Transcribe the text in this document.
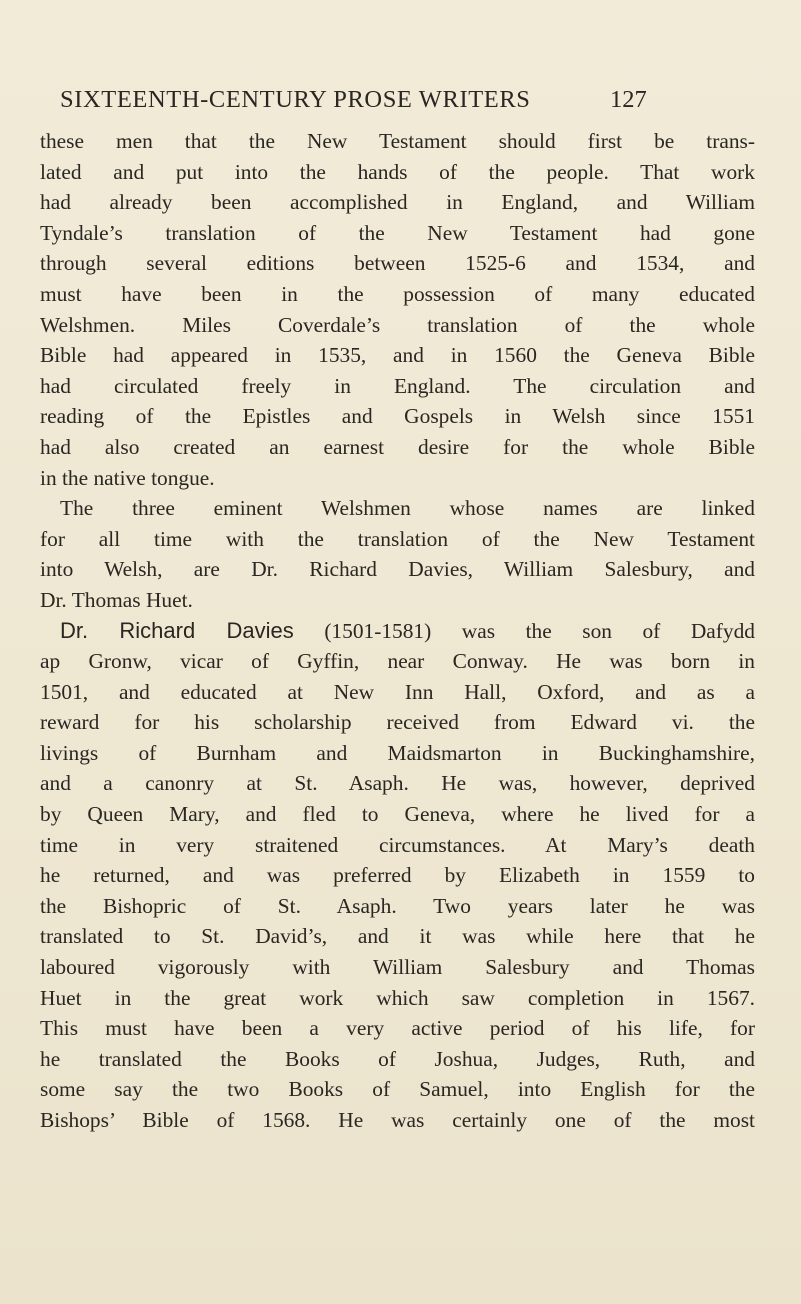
SIXTEENTH-CENTURY PROSE WRITERS	127
these men that the New Testament should first be trans-
lated and put into the hands of the people. That work
had already been accomplished in England, and William
Tyndale’s translation of the New Testament had gone
through several editions between 1525-6 and 1534, and
must have been in the possession of many educated
Welshmen. Miles Coverdale’s translation of the whole
Bible had appeared in 1535, and in 1560 the Geneva Bible
had circulated freely in England. The circulation and
reading of the Epistles and Gospels in Welsh since 1551
had also created an earnest desire for the whole Bible
in the native tongue.
The three eminent Welshmen whose names are linked
for all time with the translation of the New Testament
into Welsh, are Dr. Richard Davies, William Salesbury, and
Dr. Thomas Huet.
Dr. Richard Davies (1501-1581) was the son of Dafydd
ap Gronw, vicar of Gyffin, near Conway. He was born in
1501, and educated at New Inn Hall, Oxford, and as a
reward for his scholarship received from Edward vi. the
livings of Burnham and Maidsmarton in Buckinghamshire,
and a canonry at St. Asaph. He was, however, deprived
by Queen Mary, and fled to Geneva, where he lived for a
time in very straitened circumstances. At Mary’s death
he returned, and was preferred by Elizabeth in 1559 to
the Bishopric of St. Asaph. Two years later he was
translated to St. David’s, and it was while here that he
laboured vigorously with William Salesbury and Thomas
Huet in the great work which saw completion in 1567.
This must have been a very active period of his life, for
he translated the Books of Joshua, Judges, Ruth, and
some say the two Books of Samuel, into English for the
Bishops’ Bible of 1568. He was certainly one of the most
